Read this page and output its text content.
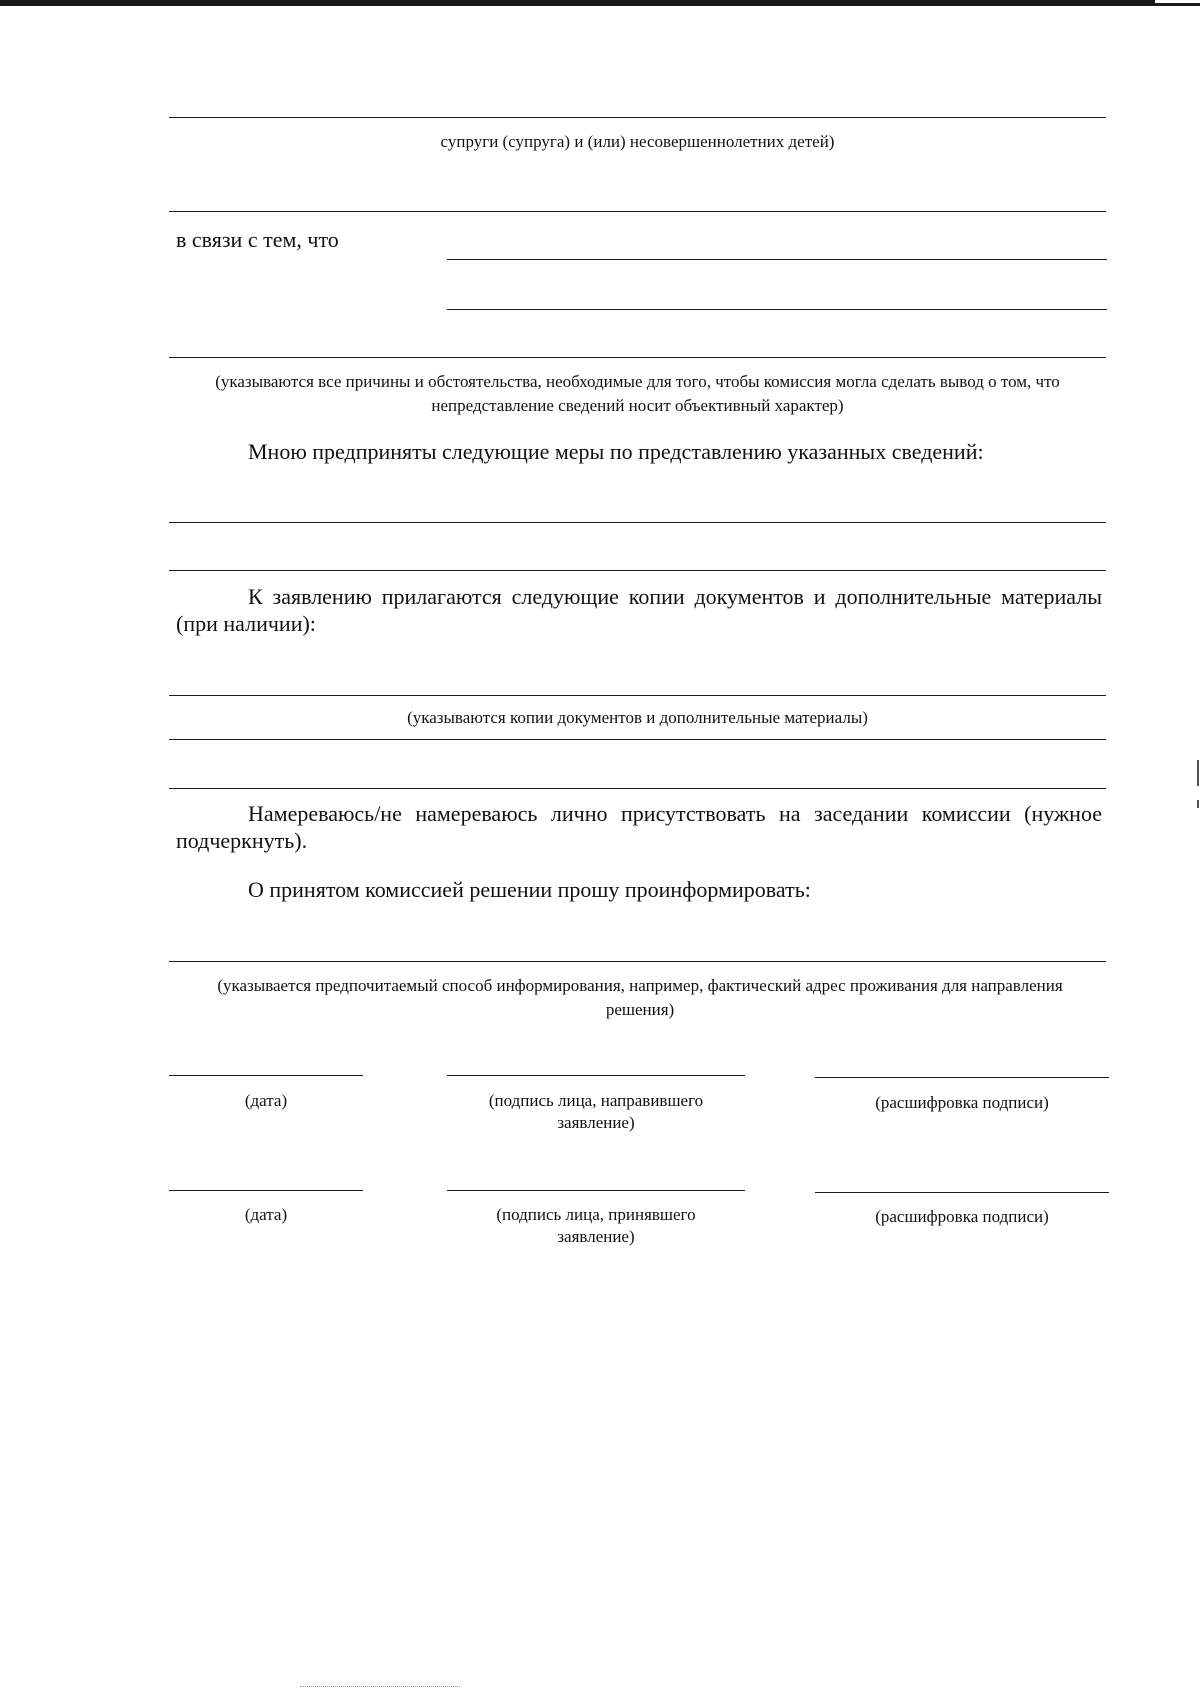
супруги (супруга) и (или) несовершеннолетних детей)
в связи с тем, что
(указываются все причины и обстоятельства, необходимые для того, чтобы комиссия могла сделать вывод о том, что непредставление сведений носит объективный характер)
Мною предприняты следующие меры по представлению указанных сведений:
К заявлению прилагаются следующие копии документов и дополнительные материалы (при наличии):
(указываются копии документов и дополнительные материалы)
Намереваюсь/не намереваюсь лично присутствовать на заседании комиссии (нужное подчеркнуть).
О принятом комиссией решении прошу проинформировать:
(указывается предпочитаемый способ информирования, например, фактический адрес проживания для направления решения)
(дата)	(подпись лица, направившего заявление)
(расшифровка подписи)
(дата)	(подпись лица, принявшего заявление)
(расшифровка подписи)
